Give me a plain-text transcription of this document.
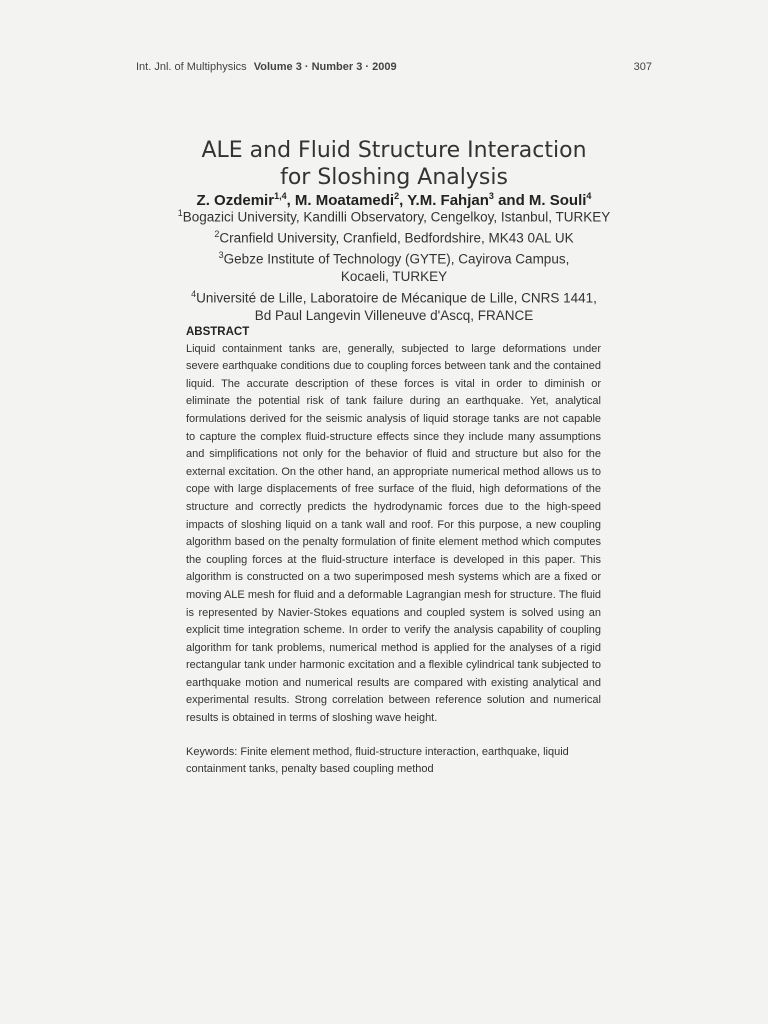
Int. Jnl. of Multiphysics Volume 3 · Number 3 · 2009	307
ALE and Fluid Structure Interaction
for Sloshing Analysis
Z. Ozdemir$^{1,4}$, M. Moatamedi$^2$, Y.M. Fahjan$^3$ and M. Souli$^4$
$^1$Bogazici University, Kandilli Observatory, Cengelkoy, Istanbul, TURKEY
$^2$Cranfield University, Cranfield, Bedfordshire, MK43 0AL UK
$^3$Gebze Institute of Technology (GYTE), Cayirova Campus,
Kocaeli, TURKEY
$^4$Université de Lille, Laboratoire de Mécanique de Lille, CNRS 1441,
Bd Paul Langevin Villeneuve d'Ascq, FRANCE
ABSTRACT

Liquid containment tanks are, generally, subjected to large deformations under severe earthquake conditions due to coupling forces between tank and the contained liquid. The accurate description of these forces is vital in order to diminish or eliminate the potential risk of tank failure during an earthquake. Yet, analytical formulations derived for the seismic analysis of liquid storage tanks are not capable to capture the complex fluid-structure effects since they include many assumptions and simplifications not only for the behavior of fluid and structure but also for the external excitation. On the other hand, an appropriate numerical method allows us to cope with large displacements of free surface of the fluid, high deformations of the structure and correctly predicts the hydrodynamic forces due to the high-speed impacts of sloshing liquid on a tank wall and roof. For this purpose, a new coupling algorithm based on the penalty formulation of finite element method which computes the coupling forces at the fluid-structure interface is developed in this paper. This algorithm is constructed on a two superimposed mesh systems which are a fixed or moving ALE mesh for fluid and a deformable Lagrangian mesh for structure. The fluid is represented by Navier-Stokes equations and coupled system is solved using an explicit time integration scheme. In order to verify the analysis capability of coupling algorithm for tank problems, numerical method is applied for the analyses of a rigid rectangular tank under harmonic excitation and a flexible cylindrical tank subjected to earthquake motion and numerical results are compared with existing analytical and experimental results. Strong correlation between reference solution and numerical results is obtained in terms of sloshing wave height.

Keywords: Finite element method, fluid-structure interaction, earthquake, liquid containment tanks, penalty based coupling method
